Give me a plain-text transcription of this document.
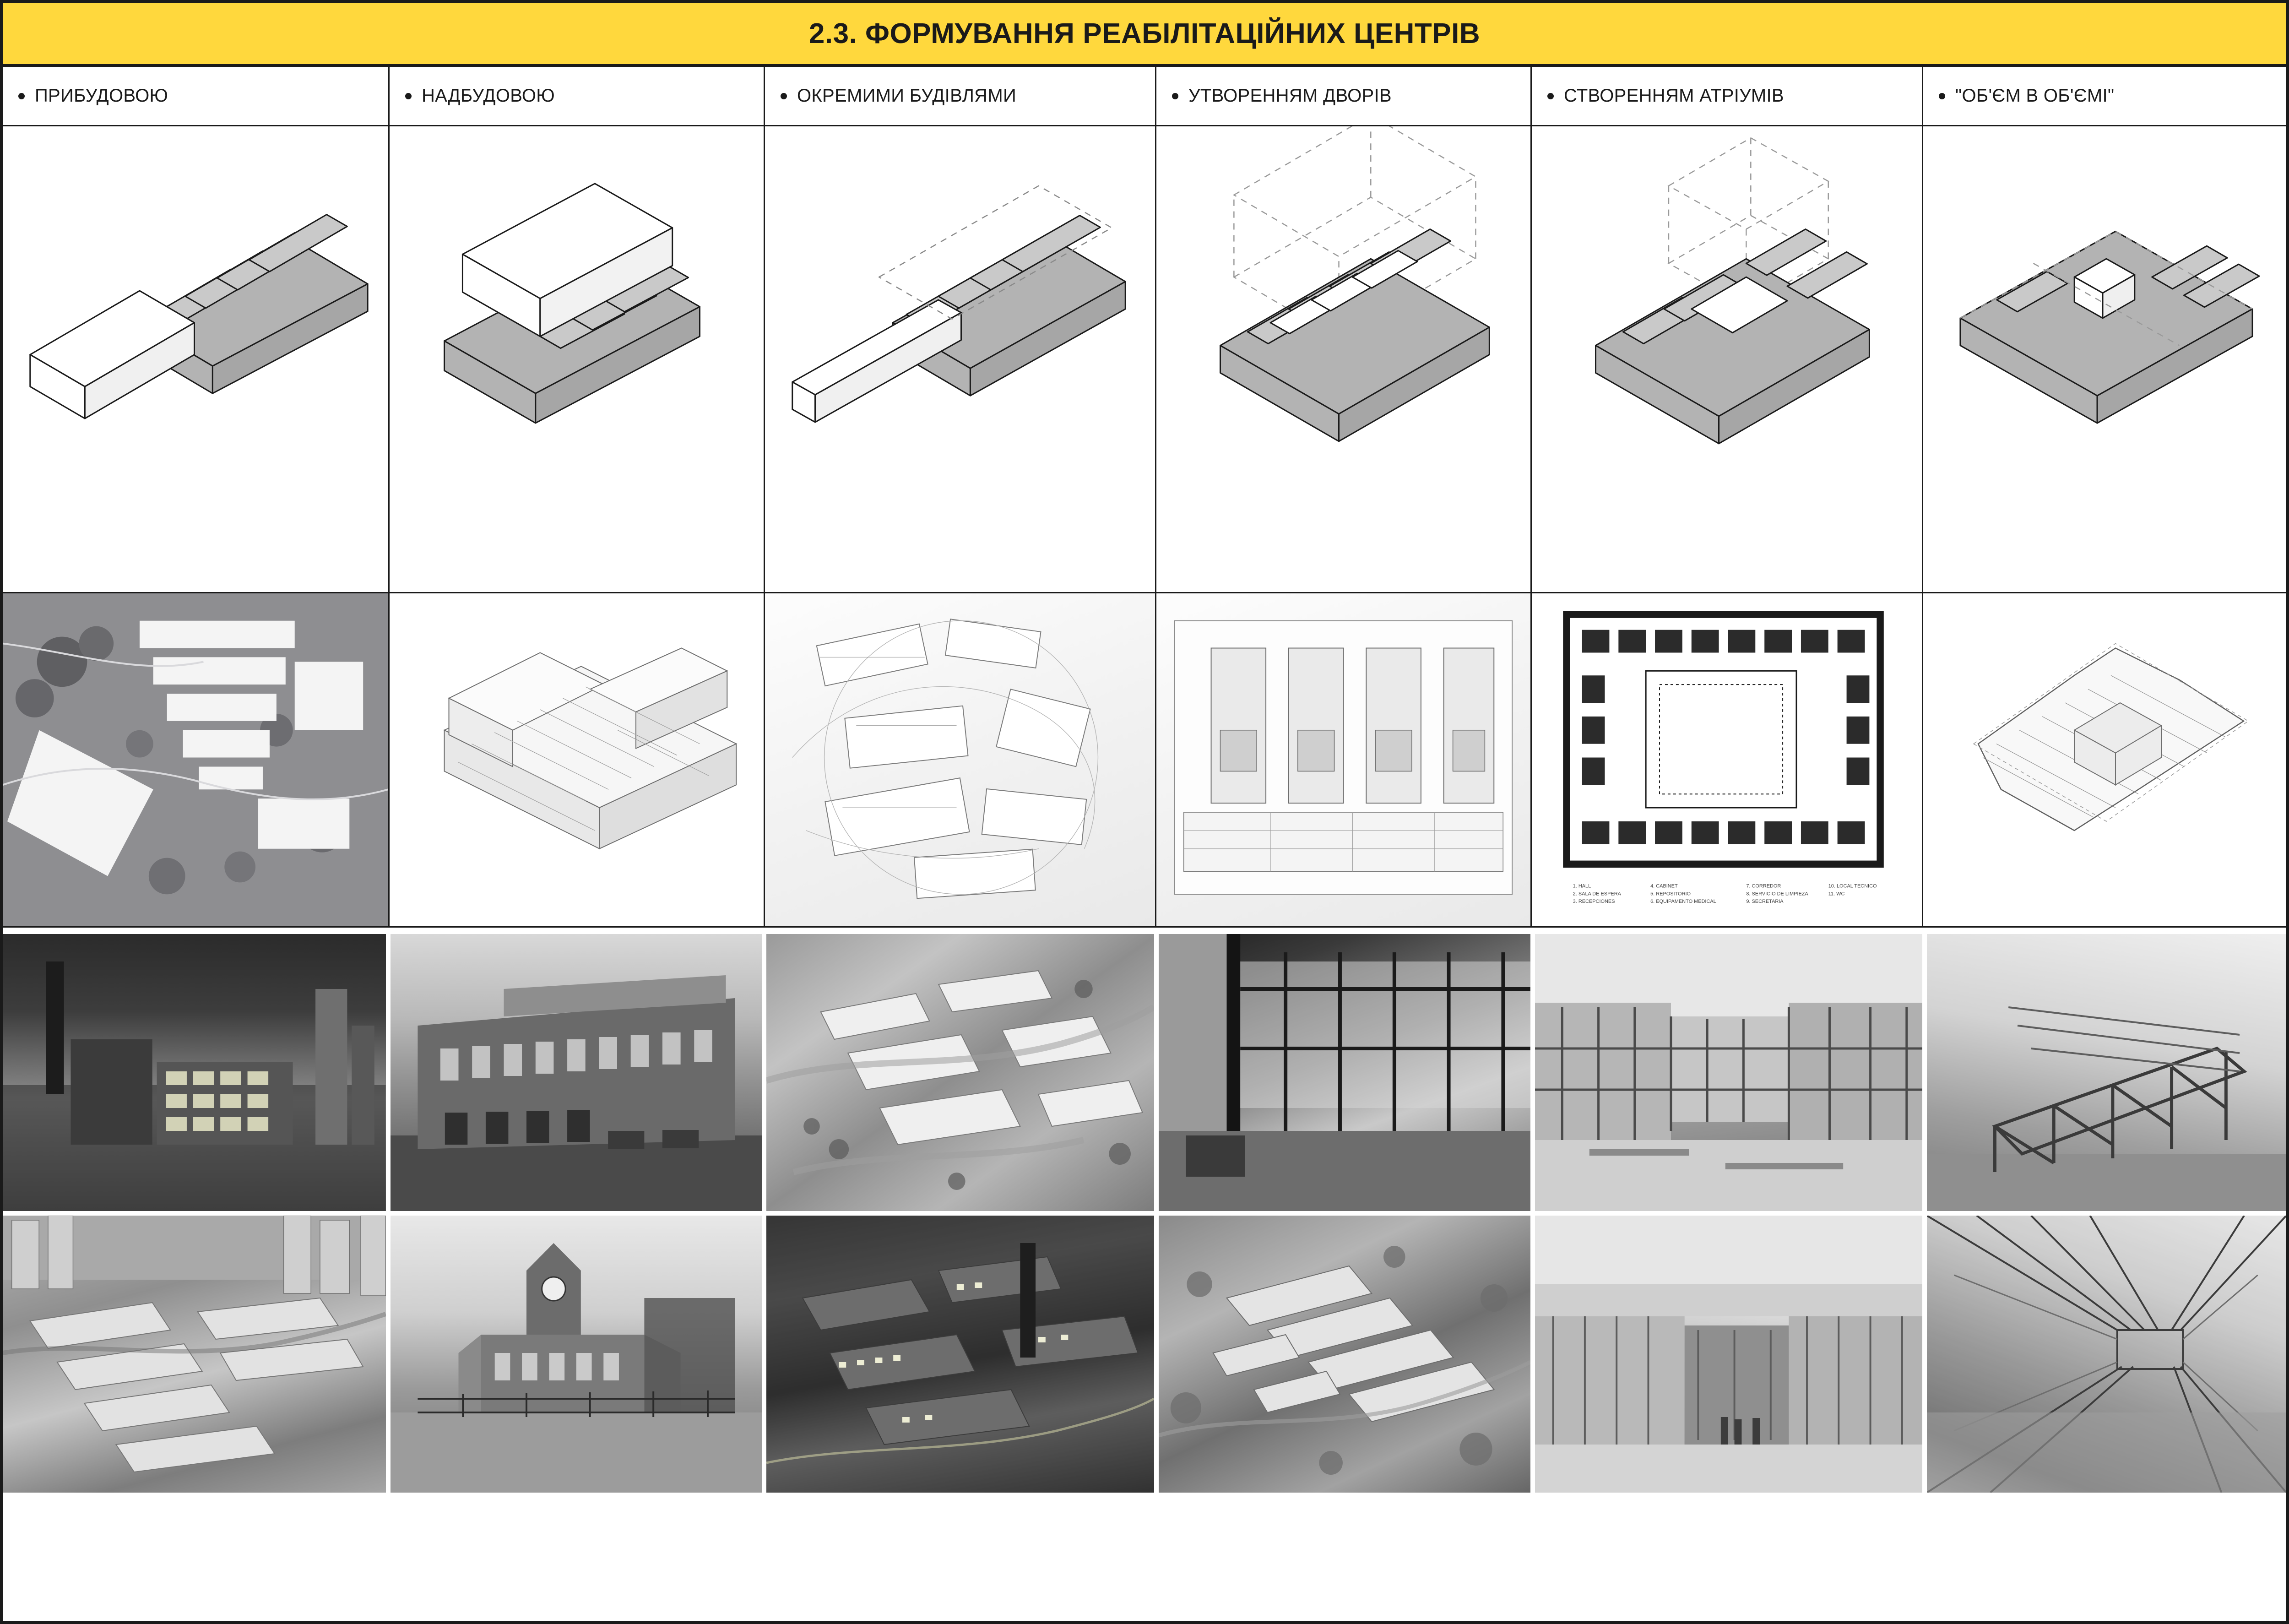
2.3. ФОРМУВАННЯ РЕАБІЛІТАЦІЙНИХ ЦЕНТРІВ
ПРИБУДОВОЮ	НАДБУДОВОЮ	ОКРЕМИМИ БУДІВЛЯМИ	УТВОРЕННЯМ ДВОРІВ	СТВОРЕННЯМ АТРІУМІВ	"ОБ'ЄМ В ОБ'ЄМІ"
1. HALL
2. SALA DE ESPERA
3. RECEPCIONES
4. CABINET
5. REPOSITORIO
6. EQUIPAMENTO MEDICAL
7. CORREDOR
8. SERVICIO DE LIMPIEZA
9. SECRETARIA
10. LOCAL TECNICO
11. WC
